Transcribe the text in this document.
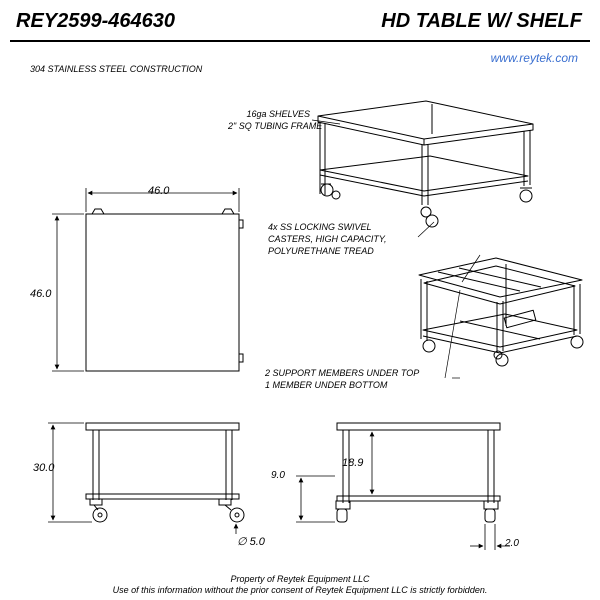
REY2599-464630	HD TABLE W/ SHELF
www.reytek.com
304 STAINLESS STEEL CONSTRUCTION
16ga SHELVES
2" SQ TUBING FRAME
4x SS LOCKING SWIVEL
CASTERS, HIGH CAPACITY,
POLYURETHANE TREAD
2 SUPPORT MEMBERS UNDER TOP
1 MEMBER UNDER BOTTOM
46.0
46.0
30.0
∅ 5.0
9.0
18.9
2.0
Property of Reytek Equipment LLC
Use of this information without the prior consent of Reytek Equipment LLC is strictly forbidden.
